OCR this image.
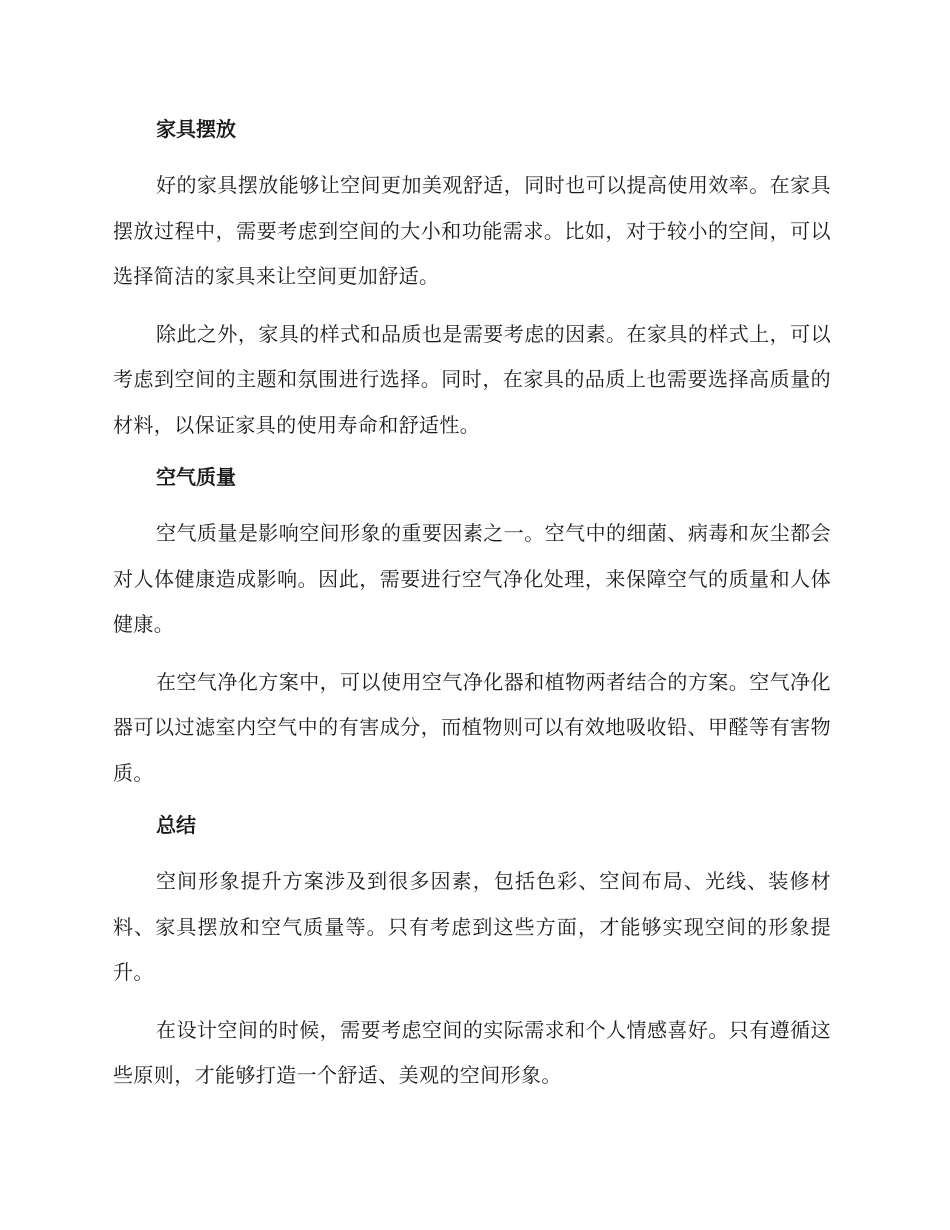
家具摆放

好的家具摆放能够让空间更加美观舒适，同时也可以提高使用效率。在家具摆放过程中，需要考虑到空间的大小和功能需求。比如，对于较小的空间，可以选择简洁的家具来让空间更加舒适。

除此之外，家具的样式和品质也是需要考虑的因素。在家具的样式上，可以考虑到空间的主题和氛围进行选择。同时，在家具的品质上也需要选择高质量的材料，以保证家具的使用寿命和舒适性。

空气质量

空气质量是影响空间形象的重要因素之一。空气中的细菌、病毒和灰尘都会对人体健康造成影响。因此，需要进行空气净化处理，来保障空气的质量和人体健康。

在空气净化方案中，可以使用空气净化器和植物两者结合的方案。空气净化器可以过滤室内空气中的有害成分，而植物则可以有效地吸收铅、甲醛等有害物质。

总结

空间形象提升方案涉及到很多因素，包括色彩、空间布局、光线、装修材料、家具摆放和空气质量等。只有考虑到这些方面，才能够实现空间的形象提升。

在设计空间的时候，需要考虑空间的实际需求和个人情感喜好。只有遵循这些原则，才能够打造一个舒适、美观的空间形象。
